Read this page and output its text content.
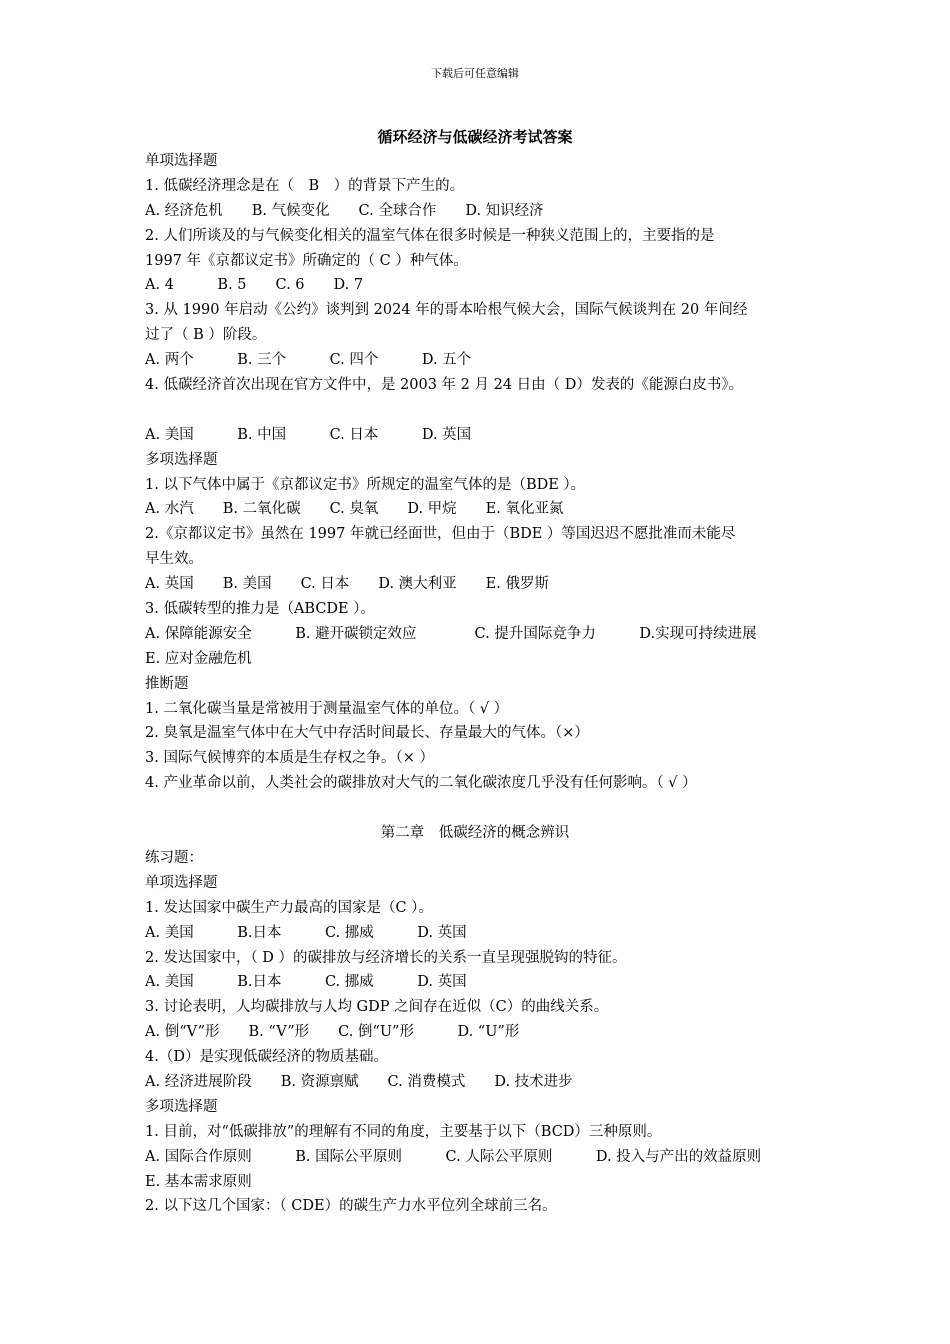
下载后可任意编辑
循环经济与低碳经济考试答案
单项选择题
1. 低碳经济理念是在（　B　）的背景下产生的。
A. 经济危机　　B. 气候变化　　C. 全球合作　　D. 知识经济
2. 人们所谈及的与气候变化相关的温室气体在很多时候是一种狭义范围上的，主要指的是
1997 年《京都议定书》所确定的（ C ）种气体。
A. 4　　　B. 5　　C. 6　　D. 7
3. 从 1990 年启动《公约》谈判到 2024 年的哥本哈根气候大会，国际气候谈判在 20 年间经
过了（ B ）阶段。
A. 两个　　　B. 三个　　　C. 四个　　　D. 五个
4. 低碳经济首次出现在官方文件中，是 2003 年 2 月 24 日由（ D）发表的《能源白皮书》。
A. 美国　　　B. 中国　　　C. 日本　　　D. 英国
多项选择题
1. 以下气体中属于《京都议定书》所规定的温室气体的是（BDE ）。
A. 水汽　　B. 二氧化碳　　C. 臭氧　　D. 甲烷　　E. 氧化亚氮
2.《京都议定书》虽然在 1997 年就已经面世，但由于（BDE ）等国迟迟不愿批准而未能尽
早生效。
A. 英国　　B. 美国　　C. 日本　　D. 澳大利亚　　E. 俄罗斯
3. 低碳转型的推力是（ABCDE ）。
A. 保障能源安全　　　B. 避开碳锁定效应　　　　C. 提升国际竞争力　　　D.实现可持续进展
E. 应对金融危机
推断题
1. 二氧化碳当量是常被用于测量温室气体的单位。（ √ ）
2. 臭氧是温室气体中在大气中存活时间最长、存量最大的气体。（×）
3. 国际气候博弈的本质是生存权之争。（× ）
4. 产业革命以前，人类社会的碳排放对大气的二氧化碳浓度几乎没有任何影响。（ √ ）
第二章　低碳经济的概念辨识
练习题：
单项选择题
1. 发达国家中碳生产力最高的国家是（C ）。
A. 美国　　　B.日本　　　C. 挪威　　　D. 英国
2. 发达国家中，（ D ）的碳排放与经济增长的关系一直呈现强脱钩的特征。
A. 美国　　　B.日本　　　C. 挪威　　　D. 英国
3. 讨论表明，人均碳排放与人均 GDP 之间存在近似（C）的曲线关系。
A. 倒“V”形　　B. “V”形　　C. 倒“U”形　　　D. “U”形
4.（D）是实现低碳经济的物质基础。
A. 经济进展阶段　　B. 资源禀赋　　C. 消费模式　　D. 技术进步
多项选择题
1. 目前，对“低碳排放”的理解有不同的角度，主要基于以下（BCD）三种原则。
A. 国际合作原则　　　B. 国际公平原则　　　C. 人际公平原则　　　D. 投入与产出的效益原则
E. 基本需求原则
2. 以下这几个国家：（ CDE）的碳生产力水平位列全球前三名。
